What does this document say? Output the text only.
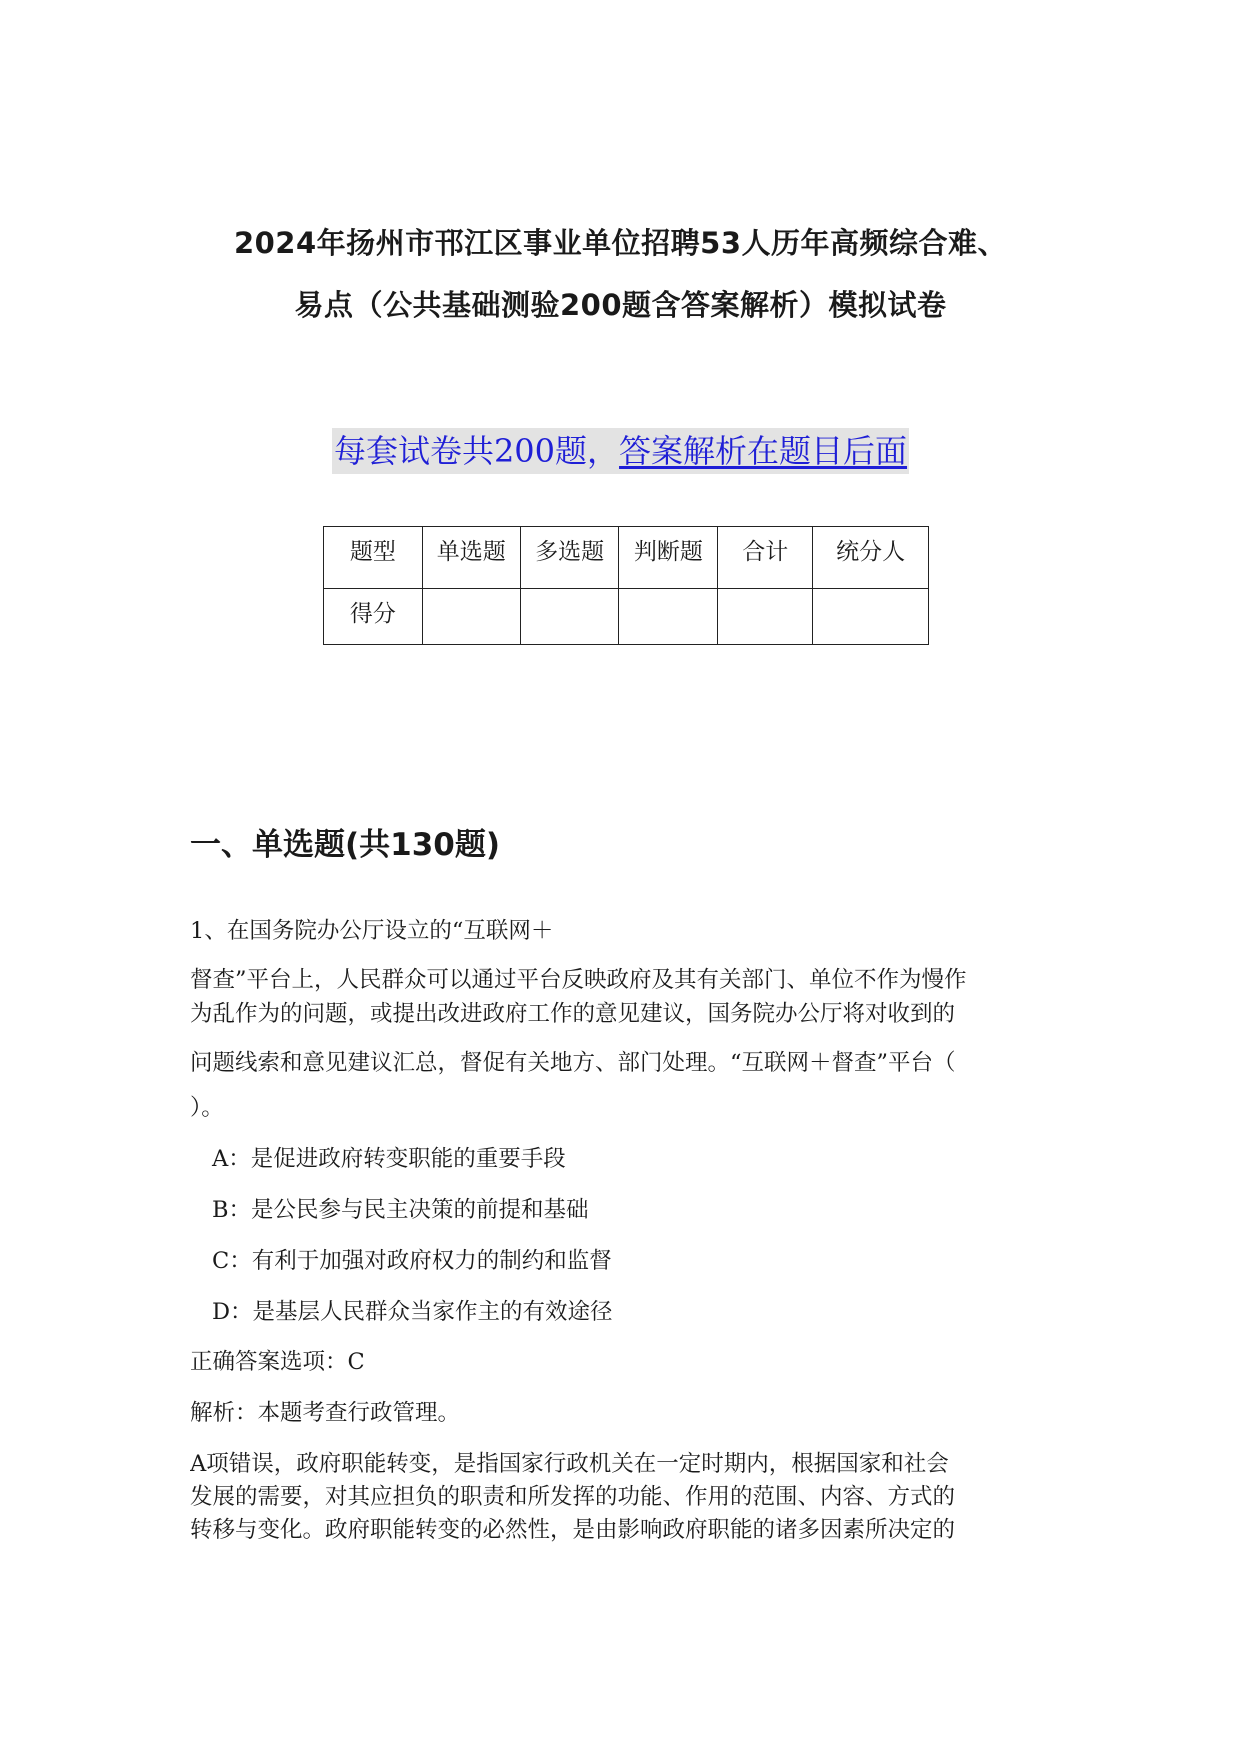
2024年扬州市邗江区事业单位招聘53人历年高频综合难、
易点（公共基础测验200题含答案解析）模拟试卷
每套试卷共200题，答案解析在题目后面
题型	单选题	多选题	判断题	合计	统分人
得分					
一、单选题(共130题)
1、在国务院办公厅设立的“互联网＋
督查”平台上，人民群众可以通过平台反映政府及其有关部门、单位不作为慢作
为乱作为的问题，或提出改进政府工作的意见建议，国务院办公厅将对收到的
问题线索和意见建议汇总，督促有关地方、部门处理。“互联网＋督查”平台（
）。
A：是促进政府转变职能的重要手段
B：是公民参与民主决策的前提和基础
C：有利于加强对政府权力的制约和监督
D：是基层人民群众当家作主的有效途径
正确答案选项：C
解析：本题考查行政管理。
A项错误，政府职能转变，是指国家行政机关在一定时期内，根据国家和社会
发展的需要，对其应担负的职责和所发挥的功能、作用的范围、内容、方式的
转移与变化。政府职能转变的必然性，是由影响政府职能的诸多因素所决定的
